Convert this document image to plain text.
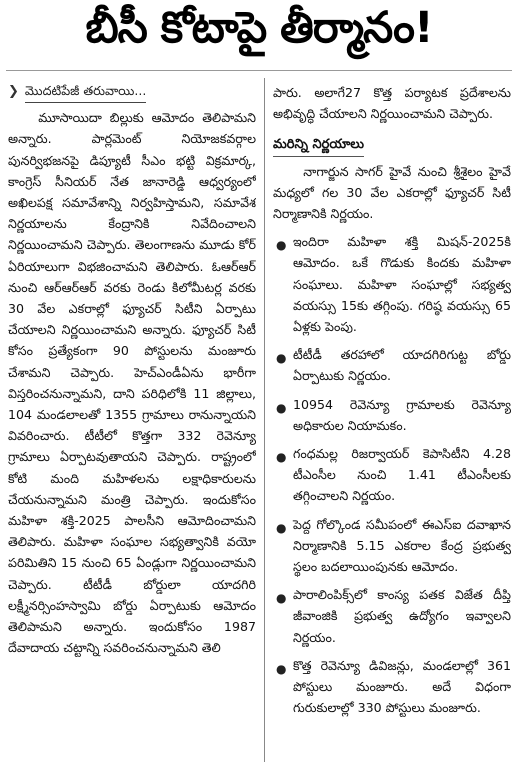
బీసీ కోటాపై తీర్మానం!
❯ మొదటిపేజీ తరువాయి...

మూసాయిదా బిల్లుకు ఆమోదం తెలిపామని అన్నారు. పార్లమెంట్ నియోజకవర్గాల పునర్విభజనపై డిప్యూటీ సీఎం భట్టి విక్రమార్క, కాంగ్రెస్ సీనియర్ నేత జానారెడ్డి ఆధ్వర్యంలో అఖిలపక్ష సమావేశాన్ని నిర్వహిస్తామని, సమావేశ నిర్ణయాలను కేంద్రానికి నివేదించాలని నిర్ణయించామని చెప్పారు. తెలంగాణను మూడు కోర్ ఏరియాలుగా విభజించామని తెలిపారు. ఓఆర్ఆర్ నుంచి ఆర్ఆర్ఆర్ వరకు రెండు కిలోమీటర్ల వరకు 30 వేల ఎకరాల్లో ఫ్యూచర్ సిటీని ఏర్పాటు చేయాలని నిర్ణయించామని అన్నారు. ఫ్యూచర్ సిటీ కోసం ప్రత్యేకంగా 90 పోస్టులను మంజూరు చేశామని చెప్పారు. హెచ్ఎండీఏను భారీగా విస్తరించనున్నామని, దాని పరిధిలోకి 11 జిల్లాలు, 104 మండలాలతో 1355 గ్రామాలు రానున్నాయని వివరించారు. టీటీలో కొత్తగా 332 రెవెన్యూ గ్రామాలు ఏర్పాటవుతాయని చెప్పారు. రాష్ట్రంలో కోటి మంది మహిళలను లక్షాధికారులను చేయనున్నామని మంత్రి చెప్పారు. ఇందుకోసం మహిళా శక్తి-2025 పాలసీని ఆమోదించామని తెలిపారు. మహిళా సంఘాల సభ్యత్వానికి వయో పరిమితిని 15 నుంచి 65 ఏండ్లుగా నిర్ణయించామని చెప్పారు. టీటీడీ బోర్డులా యాదగిరి లక్ష్మీనర్సింహస్వామి బోర్డు ఏర్పాటుకు ఆమోదం తెలిపామని అన్నారు. ఇందుకోసం 1987 దేవాదాయ చట్టాన్ని సవరించనున్నామని తెలి

పారు. అలాగే27 కొత్త పర్యాటక ప్రదేశాలను అభివృద్ధి చేయాలని నిర్ణయించామని చెప్పారు.

మరిన్ని నిర్ణయాలు

నాగార్జున సాగర్ హైవే నుంచి శ్రీశైలం హైవే మధ్యలో గల 30 వేల ఎకరాల్లో ఫ్యూచర్ సిటీ నిర్మాణానికి నిర్ణయం.

● ఇందిరా మహిళా శక్తి మిషన్-2025కి ఆమోదం. ఒకే గొడుకు కిందకు మహిళా సంఘాలు. మహిళా సంఘాల్లో సభ్యత్వ వయస్సు 15కు తగ్గింపు. గరిష్ఠ వయస్సు 65 ఏళ్లకు పెంపు.
● టీటీడీ తరహాలో యాదగిరిగుట్ట బోర్డు ఏర్పాటుకు నిర్ణయం.
● 10954 రెవెన్యూ గ్రామాలకు రెవెన్యూ అధికారుల నియామకం.
● గంధమల్ల రిజర్వాయర్ కెపాసిటీని 4.28 టీఎంసీల నుంచి 1.41 టీఎంసీలకు తగ్గించాలని నిర్ణయం.
● పెద్ద గోల్కొండ సమీపంలో ఈఎస్ఐ దవాఖాన నిర్మాణానికి 5.15 ఎకరాల కేంద్ర ప్రభుత్వ స్థలం బదలాయింపునకు ఆమోదం.
● పారాలింపిక్స్‌లో కాంస్య పతక విజేత దీప్తి జీవాంజికి ప్రభుత్వ ఉద్యోగం ఇవ్వాలని నిర్ణయం.
● కొత్త రెవెన్యూ డివిజన్లు, మండలాల్లో 361 పోస్టులు మంజూరు. అదే విధంగా గురుకులాల్లో 330 పోస్టులు మంజూరు.
